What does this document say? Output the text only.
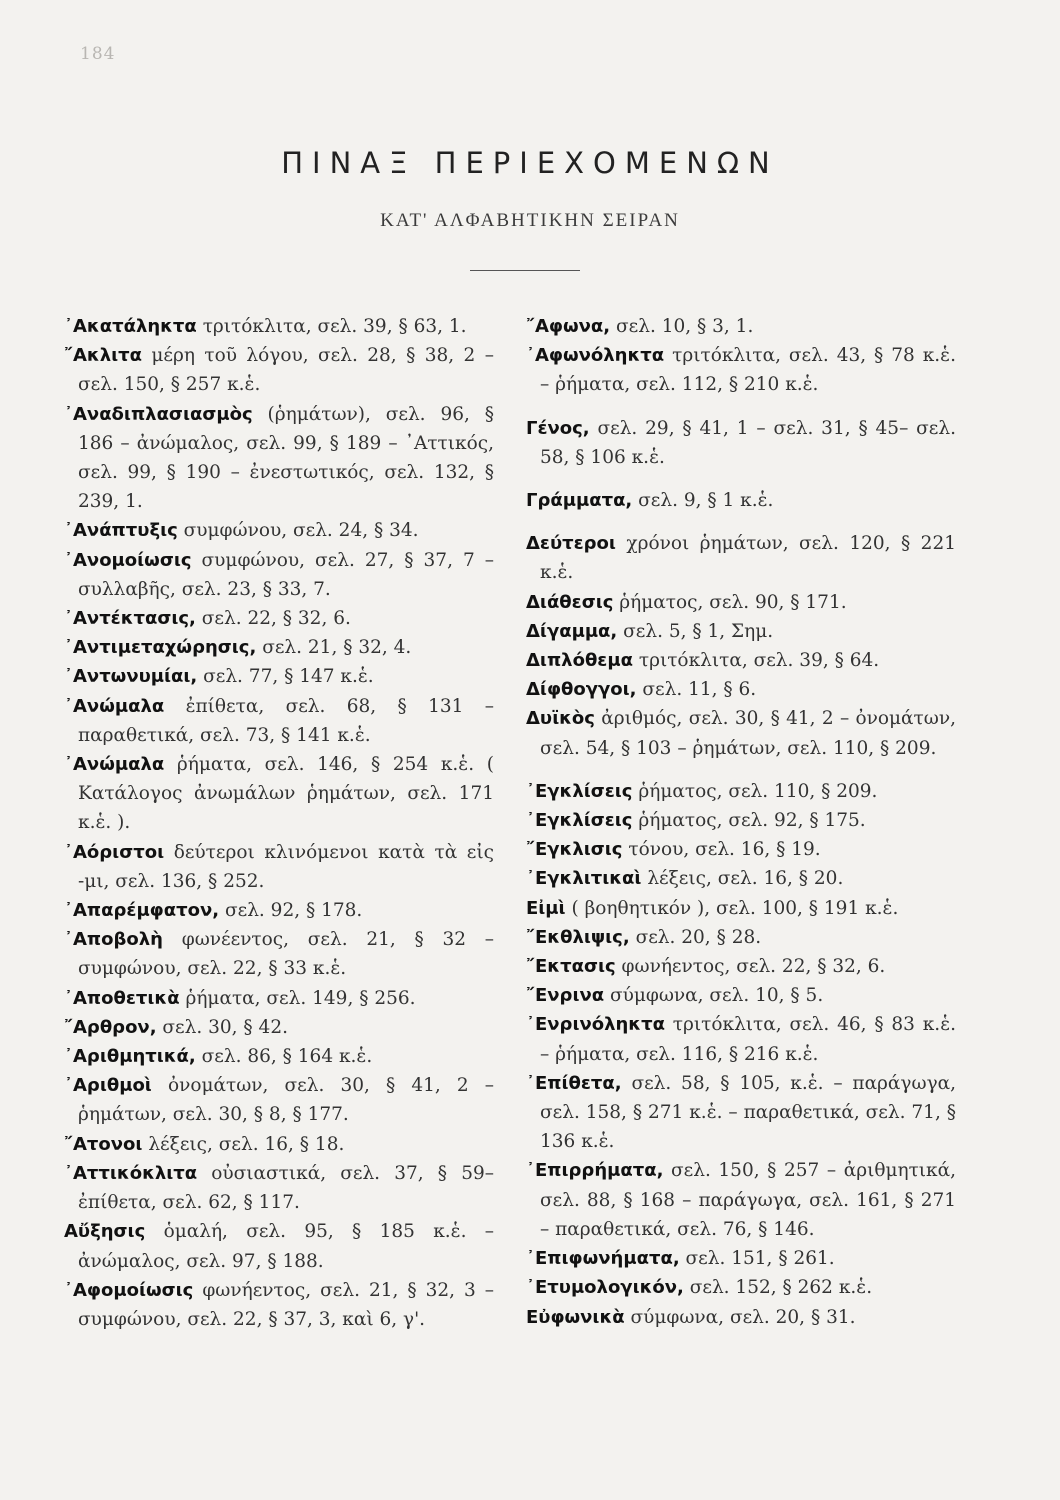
184
ΠΙΝΑΞ ΠΕΡΙΕΧΟΜΕΝΩΝ
ΚΑΤ' ΑΛΦΑΒΗΤΙΚΗΝ ΣΕΙΡΑΝ

᾿Ακατάληκτα τριτόκλιτα, σελ. 39, § 63, 1.

῎Ακλιτα μέρη τοῦ λόγου, σελ. 28, § 38, 2 – σελ. 150, § 257 κ.ἑ.

᾿Αναδιπλασιασμὸς (ῥημάτων), σελ. 96, § 186 – ἀνώμαλος, σελ. 99, § 189 – ᾿Αττικός, σελ. 99, § 190 – ἐνεστωτικός, σελ. 132, § 239, 1.

᾿Ανάπτυξις συμφώνου, σελ. 24, § 34.

᾿Ανομοίωσις συμφώνου, σελ. 27, § 37, 7 – συλλαβῆς, σελ. 23, § 33, 7.

᾿Αντέκτασις, σελ. 22, § 32, 6.

᾿Αντιμεταχώρησις, σελ. 21, § 32, 4.

᾿Αντωνυμίαι, σελ. 77, § 147 κ.ἑ.

᾿Ανώμαλα ἐπίθετα, σελ. 68, § 131 – παραθετικά, σελ. 73, § 141 κ.ἑ.

᾿Ανώμαλα ῥήματα, σελ. 146, § 254 κ.ἑ. ( Κατάλογος ἀνωμάλων ῥημάτων, σελ. 171 κ.ἑ. ).

᾿Αόριστοι δεύτεροι κλινόμενοι κατὰ τὰ εἰς -μι, σελ. 136, § 252.

᾿Απαρέμφατον, σελ. 92, § 178.

᾿Αποβολὴ φωνέεντος, σελ. 21, § 32 – συμφώνου, σελ. 22, § 33 κ.ἑ.

᾿Αποθετικὰ ῥήματα, σελ. 149, § 256.

῎Αρθρον, σελ. 30, § 42.

᾿Αριθμητικά, σελ. 86, § 164 κ.ἑ.

᾿Αριθμοὶ ὀνομάτων, σελ. 30, § 41, 2 – ῥημάτων, σελ. 30, § 8, § 177.

῎Ατονοι λέξεις, σελ. 16, § 18.

᾿Αττικόκλιτα οὐσιαστικά, σελ. 37, § 59– ἐπίθετα, σελ. 62, § 117.

Αὔξησις ὁμαλή, σελ. 95, § 185 κ.ἑ. – ἀνώμαλος, σελ. 97, § 188.

᾿Αφομοίωσις φωνήεντος, σελ. 21, § 32, 3 – συμφώνου, σελ. 22, § 37, 3, καὶ 6, γ'.

῎Αφωνα, σελ. 10, § 3, 1.

᾿Αφωνόληκτα τριτόκλιτα, σελ. 43, § 78 κ.ἑ. – ῥήματα, σελ. 112, § 210 κ.ἑ.

Γένος, σελ. 29, § 41, 1 – σελ. 31, § 45– σελ. 58, § 106 κ.ἑ.

Γράμματα, σελ. 9, § 1 κ.ἑ.

Δεύτεροι χρόνοι ῥημάτων, σελ. 120, § 221 κ.ἑ.

Διάθεσις ῥήματος, σελ. 90, § 171.

Δίγαμμα, σελ. 5, § 1, Σημ.

Διπλόθεμα τριτόκλιτα, σελ. 39, § 64.

Δίφθογγοι, σελ. 11, § 6.

Δυϊκὸς ἀριθμός, σελ. 30, § 41, 2 – ὀνομάτων, σελ. 54, § 103 – ῥημάτων, σελ. 110, § 209.

᾿Εγκλίσεις ῥήματος, σελ. 110, § 209.

᾿Εγκλίσεις ῥήματος, σελ. 92, § 175.

῎Εγκλισις τόνου, σελ. 16, § 19.

᾿Εγκλιτικαὶ λέξεις, σελ. 16, § 20.

Εἰμὶ ( βοηθητικόν ), σελ. 100, § 191 κ.ἑ.

῎Εκθλιψις, σελ. 20, § 28.

῎Εκτασις φωνήεντος, σελ. 22, § 32, 6.

῎Ενρινα σύμφωνα, σελ. 10, § 5.

᾿Ενρινόληκτα τριτόκλιτα, σελ. 46, § 83 κ.ἑ. – ῥήματα, σελ. 116, § 216 κ.ἑ.

᾿Επίθετα, σελ. 58, § 105, κ.ἑ. – παράγωγα, σελ. 158, § 271 κ.ἑ. – παραθετικά, σελ. 71, § 136 κ.ἑ.

᾿Επιρρήματα, σελ. 150, § 257 – ἀριθμητικά, σελ. 88, § 168 – παράγωγα, σελ. 161, § 271 – παραθετικά, σελ. 76, § 146.

᾿Επιφωνήματα, σελ. 151, § 261.

᾿Ετυμολογικόν, σελ. 152, § 262 κ.ἑ.

Εὐφωνικὰ σύμφωνα, σελ. 20, § 31.
